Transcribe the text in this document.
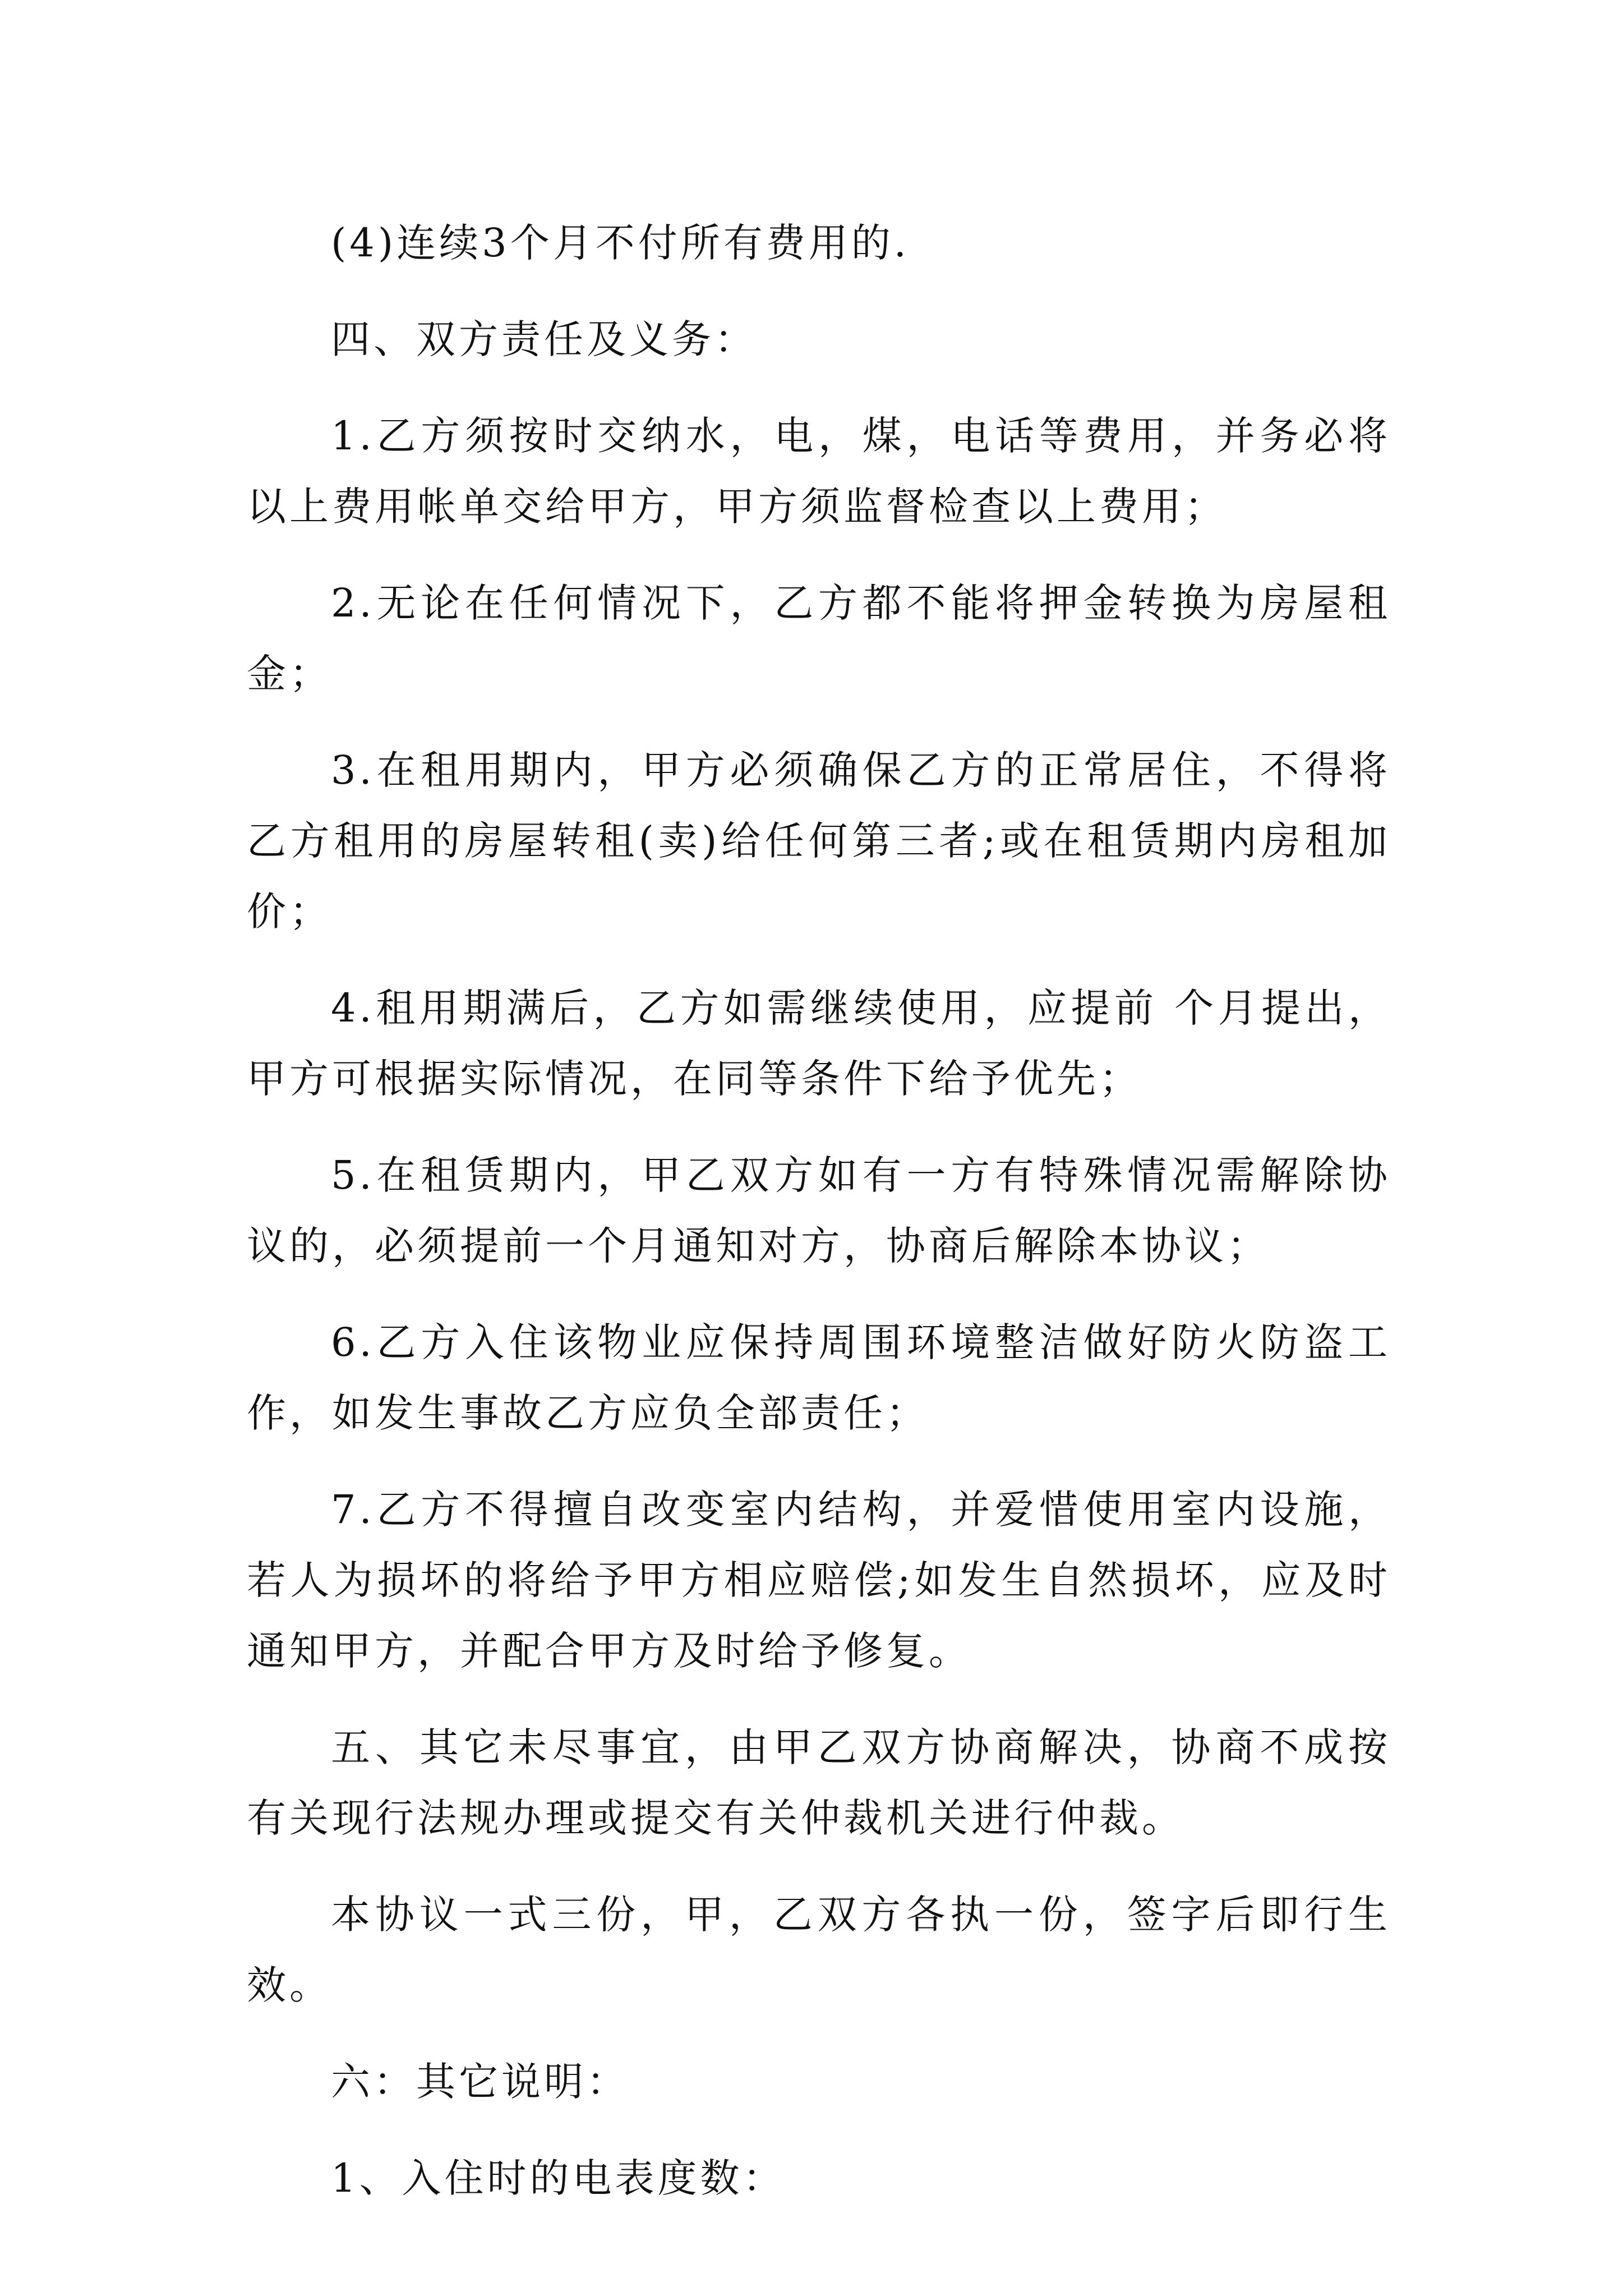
(4)连续3个月不付所有费用的.

四、双方责任及义务：

1.乙方须按时交纳水，电，煤，电话等费用，并务必将以上费用帐单交给甲方，甲方须监督检查以上费用；

2.无论在任何情况下，乙方都不能将押金转换为房屋租金；

3.在租用期内，甲方必须确保乙方的正常居住，不得将乙方租用的房屋转租(卖)给任何第三者;或在租赁期内房租加价；

4.租用期满后，乙方如需继续使用，应提前 个月提出，甲方可根据实际情况，在同等条件下给予优先；

5.在租赁期内，甲乙双方如有一方有特殊情况需解除协议的，必须提前一个月通知对方，协商后解除本协议；

6.乙方入住该物业应保持周围环境整洁做好防火防盗工作，如发生事故乙方应负全部责任；

7.乙方不得擅自改变室内结构，并爱惜使用室内设施，若人为损坏的将给予甲方相应赔偿;如发生自然损坏，应及时通知甲方，并配合甲方及时给予修复。

五、其它未尽事宜，由甲乙双方协商解决，协商不成按有关现行法规办理或提交有关仲裁机关进行仲裁。

本协议一式三份，甲，乙双方各执一份，签字后即行生效。

六：其它说明：

1、入住时的电表度数：
